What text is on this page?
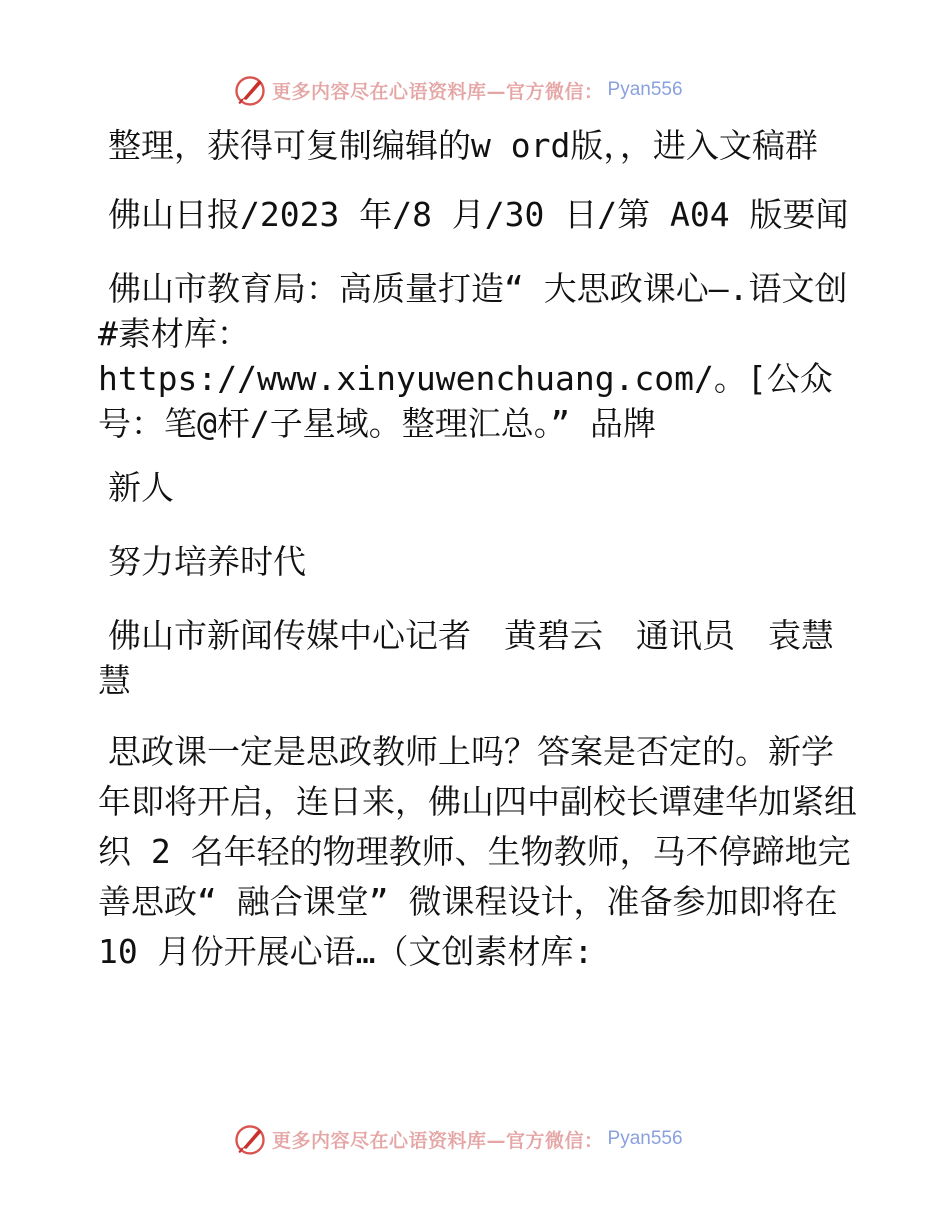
更多内容尽在心语资料库—官方微信： Pyan556

整理，获得可复制编辑的w ord版，，进入文稿群

佛山日报/2023 年/8 月/30 日/第 A04 版要闻

佛山市教育局：高质量打造“ 大思政课心—.语文创#素材库：https://www.xinyuwenchuang.com/。[公众号：笔@杆/子星域。整理汇总。” 品牌

新人

努力培养时代

佛山市新闻传媒中心记者　黄碧云　通讯员　袁慧慧

思政课一定是思政教师上吗？答案是否定的。新学年即将开启，连日来，佛山四中副校长谭建华加紧组织 2 名年轻的物理教师、生物教师，马不停蹄地完善思政“ 融合课堂” 微课程设计，准备参加即将在 10 月份开展心语…（文创素材库:

更多内容尽在心语资料库—官方微信： Pyan556
